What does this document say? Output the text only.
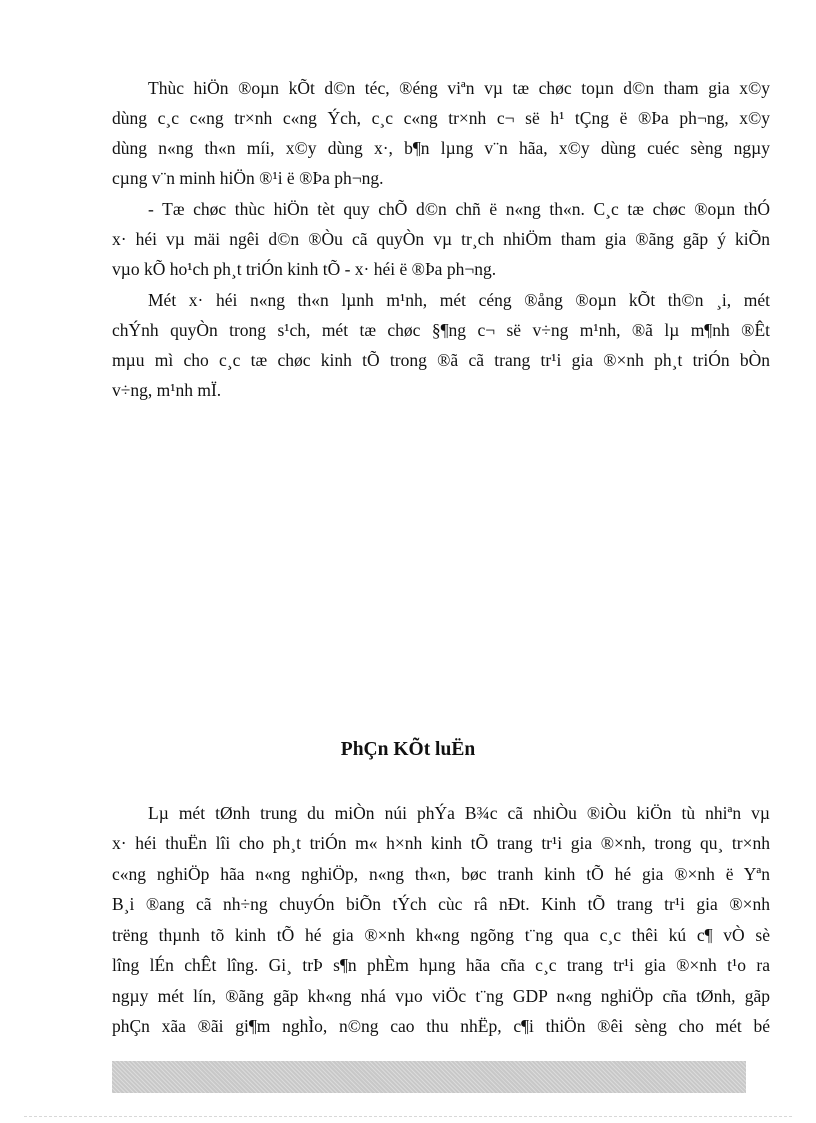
Thùc hiÖn ®oµn kÕt d©n téc, ®éng viªn vµ tæ chøc toµn d©n tham gia x©y
dùng c¸c c«ng tr×nh c«ng Ých, c¸c c«ng tr×nh c¬ së h¹ tÇng ë ®Þa ph¬ng, x©y
dùng n«ng th«n míi, x©y dùng x·, b¶n lµng v¨n hãa, x©y dùng cuéc sèng ngµy
cµng v¨n minh hiÖn ®¹i ë ®Þa ph¬ng.
- Tæ chøc thùc hiÖn tèt quy chÕ d©n chñ ë n«ng th«n. C¸c tæ chøc ®oµn thÓ
x· héi vµ mäi ngêi d©n ®Òu cã quyÒn vµ tr¸ch nhiÖm tham gia ®ãng gãp ý kiÕn
vµo kÕ ho¹ch ph¸t triÓn kinh tÕ - x· héi ë ®Þa ph¬ng.
Mét x· héi n«ng th«n lµnh m¹nh, mét céng ®ång ®oµn kÕt th©n ¸i, mét
chÝnh quyÒn trong s¹ch, mét tæ chøc §¶ng c¬ së v÷ng m¹nh, ®ã lµ m¶nh ®Êt
mµu mì cho c¸c tæ chøc kinh tÕ trong ®ã cã trang tr¹i gia ®×nh ph¸t triÓn bÒn
v÷ng, m¹nh mÏ.
PhÇn KÕt luËn
Lµ mét tØnh trung du miÒn núi phÝa B¾c cã nhiÒu ®iÒu kiÖn tù nhiªn vµ
x· héi thuËn lîi cho ph¸t triÓn m« h×nh kinh tÕ trang tr¹i gia ®×nh, trong qu¸ tr×nh
c«ng nghiÖp hãa n«ng nghiÖp, n«ng th«n, bøc tranh kinh tÕ hé gia ®×nh ë Yªn
B¸i ®ang cã nh÷ng chuyÓn biÕn tÝch cùc râ nÐt. Kinh tÕ trang tr¹i gia ®×nh
trëng thµnh tõ kinh tÕ hé gia ®×nh kh«ng ngõng t¨ng qua c¸c thêi kú c¶ vÒ sè
lîng lÉn chÊt lîng. Gi¸ trÞ s¶n phÈm hµng hãa cña c¸c trang tr¹i gia ®×nh t¹o ra
ngµy mét lín, ®ãng gãp kh«ng nhá vµo viÖc t¨ng GDP n«ng nghiÖp cña tØnh, gãp
phÇn xãa ®ãi gi¶m nghÌo, n©ng cao thu nhËp, c¶i thiÖn ®êi sèng cho mét bé
